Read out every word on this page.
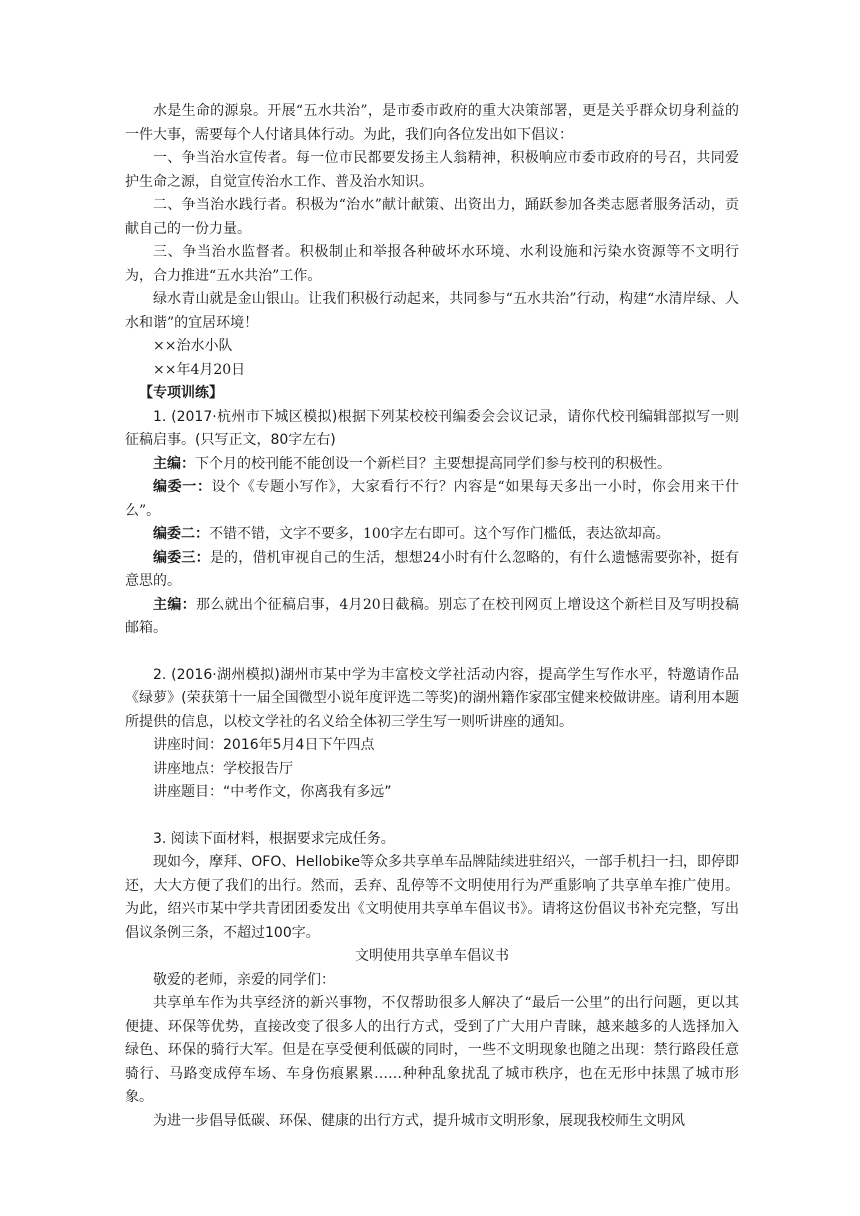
水是生命的源泉。开展“五水共治”，是市委市政府的重大决策部署，更是关乎群众切身利益的一件大事，需要每个人付诸具体行动。为此，我们向各位发出如下倡议：

一、争当治水宣传者。每一位市民都要发扬主人翁精神，积极响应市委市政府的号召，共同爱护生命之源，自觉宣传治水工作、普及治水知识。

二、争当治水践行者。积极为“治水”献计献策、出资出力，踊跃参加各类志愿者服务活动，贡献自己的一份力量。

三、争当治水监督者。积极制止和举报各种破坏水环境、水利设施和污染水资源等不文明行为，合力推进“五水共治”工作。

绿水青山就是金山银山。让我们积极行动起来，共同参与“五水共治”行动，构建“水清岸绿、人水和谐”的宜居环境！

××治水小队

××年4月20日

【专项训练】

1. (2017·杭州市下城区模拟)根据下列某校校刊编委会会议记录，请你代校刊编辑部拟写一则征稿启事。(只写正文，80字左右)

主编：下个月的校刊能不能创设一个新栏目？主要想提高同学们参与校刊的积极性。

编委一：设个《专题小写作》，大家看行不行？内容是“如果每天多出一小时，你会用来干什么”。

编委二：不错不错，文字不要多，100字左右即可。这个写作门槛低，表达欲却高。

编委三：是的，借机审视自己的生活，想想24小时有什么忽略的，有什么遗憾需要弥补，挺有意思的。

主编：那么就出个征稿启事，4月20日截稿。别忘了在校刊网页上增设这个新栏目及写明投稿邮箱。

2. (2016·湖州模拟)湖州市某中学为丰富校文学社活动内容，提高学生写作水平，特邀请作品《绿萝》(荣获第十一届全国微型小说年度评选二等奖)的湖州籍作家邵宝健来校做讲座。请利用本题所提供的信息，以校文学社的名义给全体初三学生写一则听讲座的通知。

讲座时间：2016年5月4日下午四点

讲座地点：学校报告厅

讲座题目：“中考作文，你离我有多远”

3. 阅读下面材料，根据要求完成任务。

现如今，摩拜、OFO、Hellobike等众多共享单车品牌陆续进驻绍兴，一部手机扫一扫，即停即还，大大方便了我们的出行。然而，丢弃、乱停等不文明使用行为严重影响了共享单车推广使用。为此，绍兴市某中学共青团团委发出《文明使用共享单车倡议书》。请将这份倡议书补充完整，写出倡议条例三条，不超过100字。

文明使用共享单车倡议书

敬爱的老师，亲爱的同学们：

共享单车作为共享经济的新兴事物，不仅帮助很多人解决了“最后一公里”的出行问题，更以其便捷、环保等优势，直接改变了很多人的出行方式，受到了广大用户青睐，越来越多的人选择加入绿色、环保的骑行大军。但是在享受便利低碳的同时，一些不文明现象也随之出现：禁行路段任意骑行、马路变成停车场、车身伤痕累累……种种乱象扰乱了城市秩序，也在无形中抹黑了城市形象。

为进一步倡导低碳、环保、健康的出行方式，提升城市文明形象，展现我校师生文明风
